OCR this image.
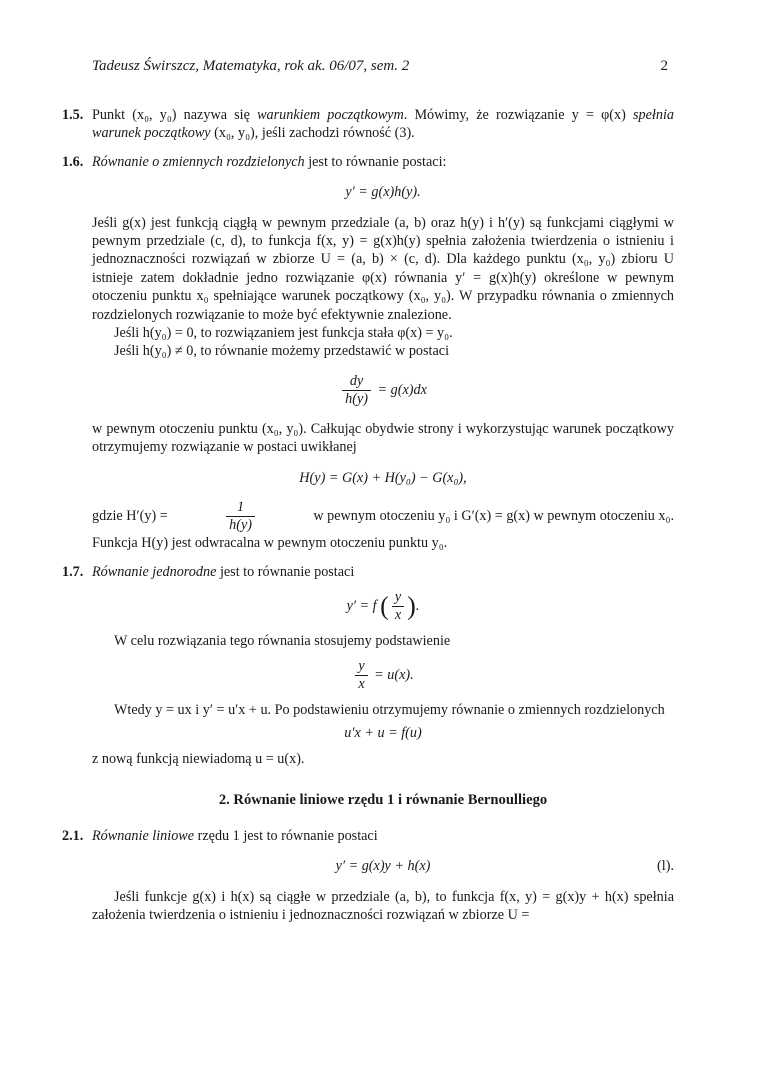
Tadeusz Świrszcz, Matematyka, rok ak. 06/07, sem. 2	2
1.5. Punkt (x₀, y₀) nazywa się warunkiem początkowym. Mówimy, że rozwiązanie y = φ(x) spełnia warunek początkowy (x₀, y₀), jeśli zachodzi równość (3).
1.6. Równanie o zmiennych rozdzielonych jest to równanie postaci:
y′ = g(x)h(y).
Jeśli g(x) jest funkcją ciągłą w pewnym przedziale (a, b) oraz h(y) i h′(y) są funkcjami ciągłymi w pewnym przedziale (c, d), to funkcja f(x, y) = g(x)h(y) spełnia założenia twierdzenia o istnieniu i jednoznaczności rozwiązań w zbiorze U = (a, b) × (c, d). Dla każdego punktu (x₀, y₀) zbioru U istnieje zatem dokładnie jedno rozwiązanie φ(x) równania y′ = g(x)h(y) określone w pewnym otoczeniu punktu x₀ spełniające warunek początkowy (x₀, y₀). W przypadku równania o zmiennych rozdzielonych rozwiązanie to może być efektywnie znalezione.
Jeśli h(y₀) = 0, to rozwiązaniem jest funkcja stała φ(x) = y₀.
Jeśli h(y₀) ≠ 0, to równanie możemy przedstawić w postaci
$\frac{dy}{h(y)} = g(x)dx$
w pewnym otoczeniu punktu (x₀, y₀). Całkując obydwie strony i wykorzystując warunek początkowy otrzymujemy rozwiązanie w postaci uwikłanej
H(y) = G(x) + H(y₀) − G(x₀),
gdzie H′(y) =	$\frac{1}{h(y)}$	w pewnym otoczeniu y₀ i G′(x) = g(x) w pewnym otoczeniu x₀.
Funkcja H(y) jest odwracalna w pewnym otoczeniu punktu y₀.
1.7. Równanie jednorodne jest to równanie postaci
y′ = f ( $\frac{y}{x}$ ).
W celu rozwiązania tego równania stosujemy podstawienie
$\frac{y}{x} = u(x)$.
Wtedy y = ux i y′ = u′x + u. Po podstawieniu otrzymujemy równanie o zmiennych rozdzielonych
u′x + u = f(u)
z nową funkcją niewiadomą u = u(x).
2. Równanie liniowe rzędu 1 i równanie Bernoulliego
2.1. Równanie liniowe rzędu 1 jest to równanie postaci
y′ = g(x)y + h(x)	(l).
Jeśli funkcje g(x) i h(x) są ciągłe w przedziale (a, b), to funkcja f(x, y) = g(x)y + h(x) spełnia założenia twierdzenia o istnieniu i jednoznaczności rozwiązań w zbiorze U =
